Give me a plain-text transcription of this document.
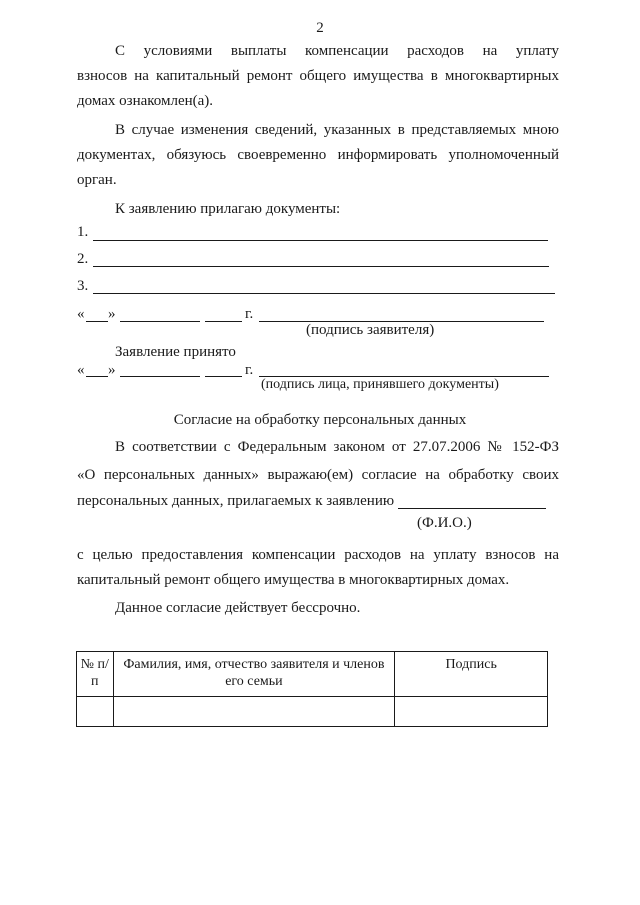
2
С условиями выплаты компенсации расходов на уплату
взносов на капитальный ремонт общего имущества в многоквартирных
домах ознакомлен(а).
В случае изменения сведений, указанных в представляемых мною
документах, обязуюсь своевременно информировать уполномоченный
орган.
К заявлению прилагаю документы:
1.
2.
3.
« »	г.
(подпись заявителя)
Заявление принято
« »	г.
(подпись лица, принявшего документы)
Согласие на обработку персональных данных
В соответствии с Федеральным законом от 27.07.2006 № 152-ФЗ
«О персональных данных» выражаю(ем) согласие на обработку своих
персональных данных, прилагаемых к заявлению
(Ф.И.О.)
с целью предоставления компенсации расходов на уплату взносов на
капитальный ремонт общего имущества в многоквартирных домах.
Данное согласие действует бессрочно.
№ п/п	Фамилия, имя, отчество заявителя и членов его семьи	Подпись
